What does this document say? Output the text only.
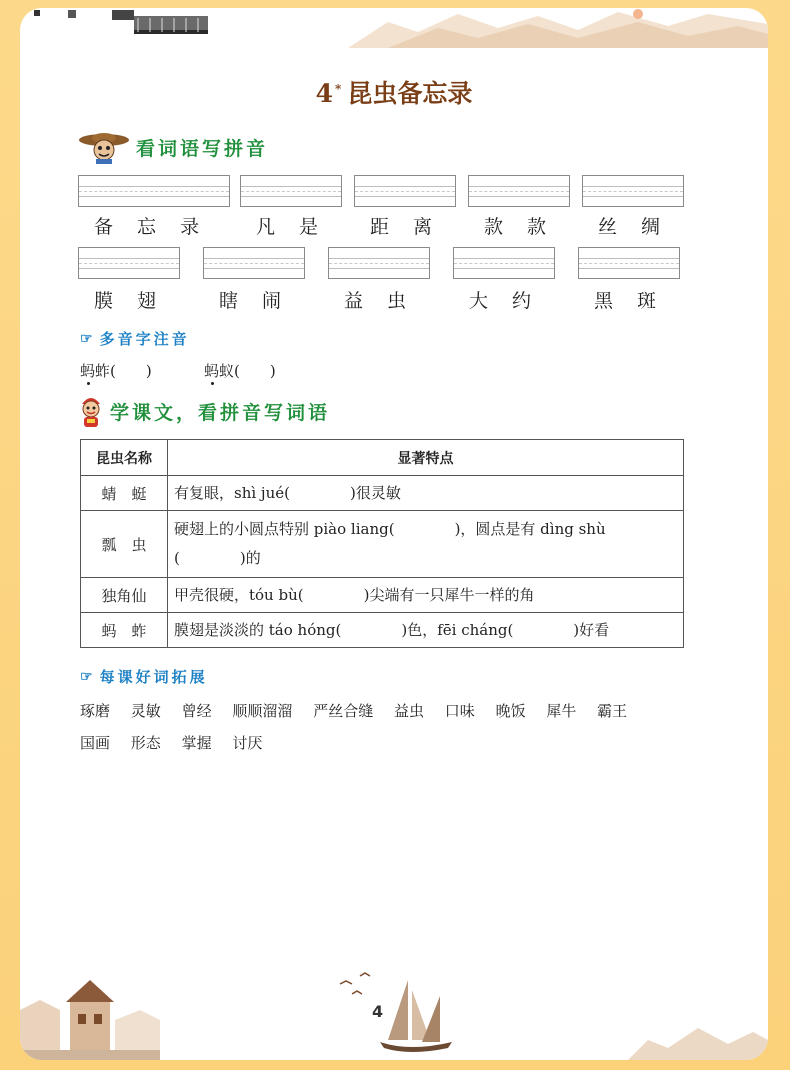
4 * 昆虫备忘录
看词语写拼音
备 忘 录	凡 是	距 离	款 款	丝 绸
膜 翅	瞎 闹	益 虫	大 约	黑 斑
☞ 多音字注音
蚂蚱(　　)	蚂蚁(　　)
学课文，看拼音写词语
昆虫名称	显著特点
蜻　蜓	有复眼，shì jué(　　　　)很灵敏
瓢　虫	硬翅上的小圆点特别 piào liang(　　　　)，圆点是有 dìng shù
(　　　　)的

独角仙	甲壳很硬，tóu bù(　　　　)尖端有一只犀牛一样的角
蚂　蚱	膜翅是淡淡的 táo hóng(　　　　)色，fēi cháng(　　　　)好看
☞ 每课好词拓展
琢磨 灵敏 曾经 顺顺溜溜 严丝合缝 益虫 口味 晚饭 犀牛 霸王
国画 形态 掌握 讨厌
4
